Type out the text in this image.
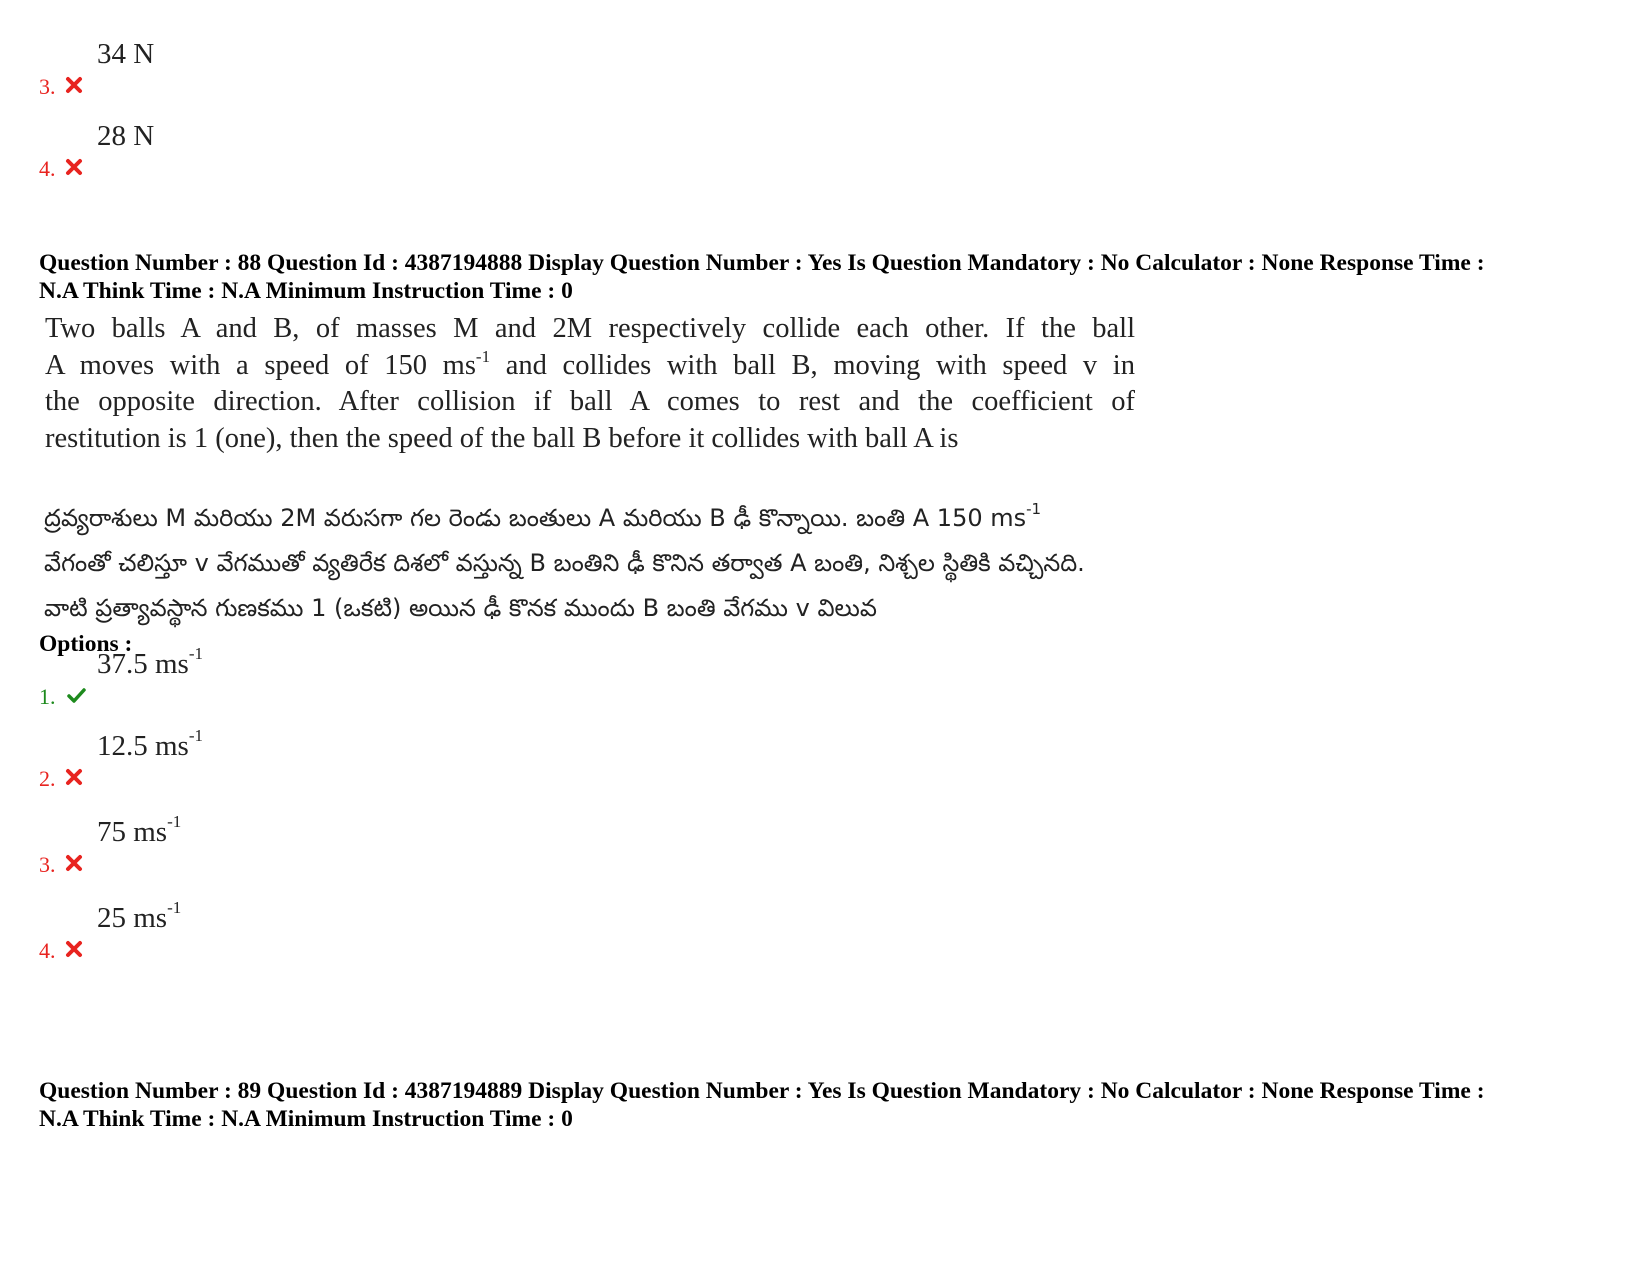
3.
34 N
4.
28 N
Question Number : 88 Question Id : 4387194888 Display Question Number : Yes Is Question Mandatory : No Calculator : None Response Time :
N.A Think Time : N.A Minimum Instruction Time : 0
Two balls A and B, of masses M and 2M respectively collide each other. If the ball
A moves with a speed of 150 $ms^{-1}$ and collides with ball B, moving with speed v in
the opposite direction. After collision if ball A comes to rest and the coefficient of
restitution is 1 (one), then the speed of the ball B before it collides with ball A is
ద్రవ్యరాశులు M మరియు 2M వరుసగా గల రెండు బంతులు A మరియు B ఢీ కొన్నాయి. బంతి A 150 $ms^{-1}$
వేగంతో చలిస్తూ v వేగముతో వ్యతిరేక దిశలో వస్తున్న B బంతిని ఢీ కొనిన తర్వాత A బంతి, నిశ్చల స్థితికి వచ్చినది.
వాటి ప్రత్యావస్థాన గుణకము 1 (ఒకటి) అయిన ఢీ కొనక ముందు B బంతి వేగము v విలువ
Options :
1.
37.5 $ms^{-1}$
2.
12.5 $ms^{-1}$
3.
75 $ms^{-1}$
4.
25 $ms^{-1}$
Question Number : 89 Question Id : 4387194889 Display Question Number : Yes Is Question Mandatory : No Calculator : None Response Time :
N.A Think Time : N.A Minimum Instruction Time : 0
